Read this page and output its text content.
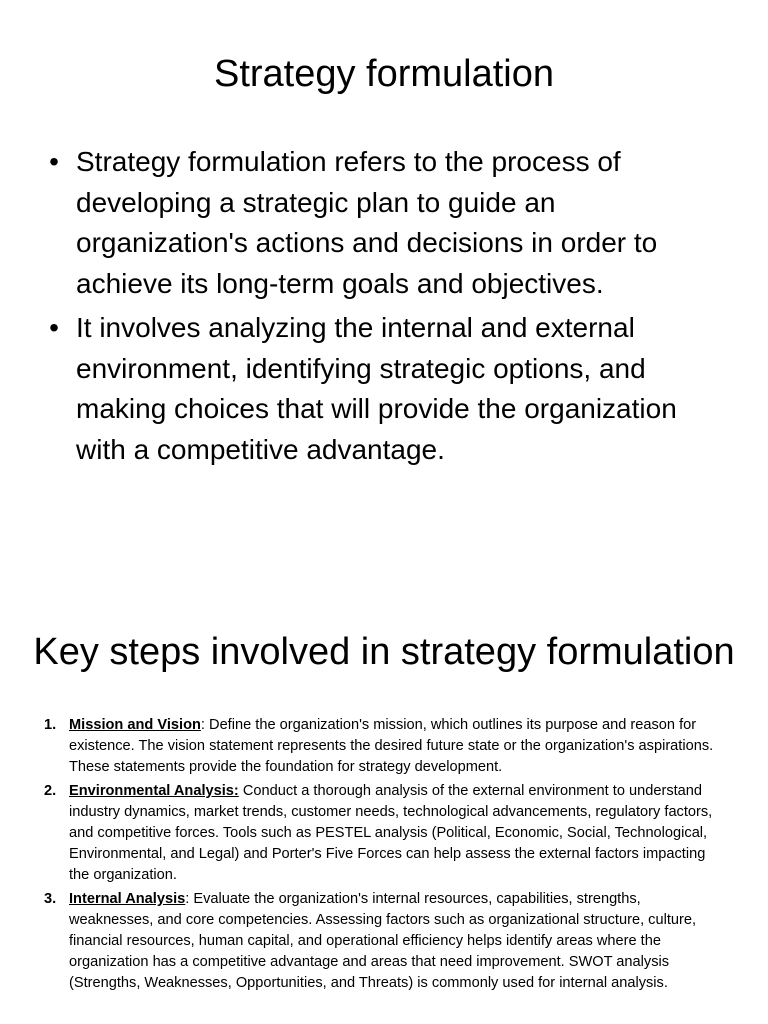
Strategy formulation
• Strategy formulation refers to the process of developing a strategic plan to guide an organization's actions and decisions in order to achieve its long-term goals and objectives.
• It involves analyzing the internal and external environment, identifying strategic options, and making choices that will provide the organization with a competitive advantage.
Key steps involved in strategy formulation
1. Mission and Vision: Define the organization's mission, which outlines its purpose and reason for existence. The vision statement represents the desired future state or the organization's aspirations. These statements provide the foundation for strategy development.
2. Environmental Analysis: Conduct a thorough analysis of the external environment to understand industry dynamics, market trends, customer needs, technological advancements, regulatory factors, and competitive forces. Tools such as PESTEL analysis (Political, Economic, Social, Technological, Environmental, and Legal) and Porter's Five Forces can help assess the external factors impacting the organization.
3. Internal Analysis: Evaluate the organization's internal resources, capabilities, strengths, weaknesses, and core competencies. Assessing factors such as organizational structure, culture, financial resources, human capital, and operational efficiency helps identify areas where the organization has a competitive advantage and areas that need improvement. SWOT analysis (Strengths, Weaknesses, Opportunities, and Threats) is commonly used for internal analysis.
